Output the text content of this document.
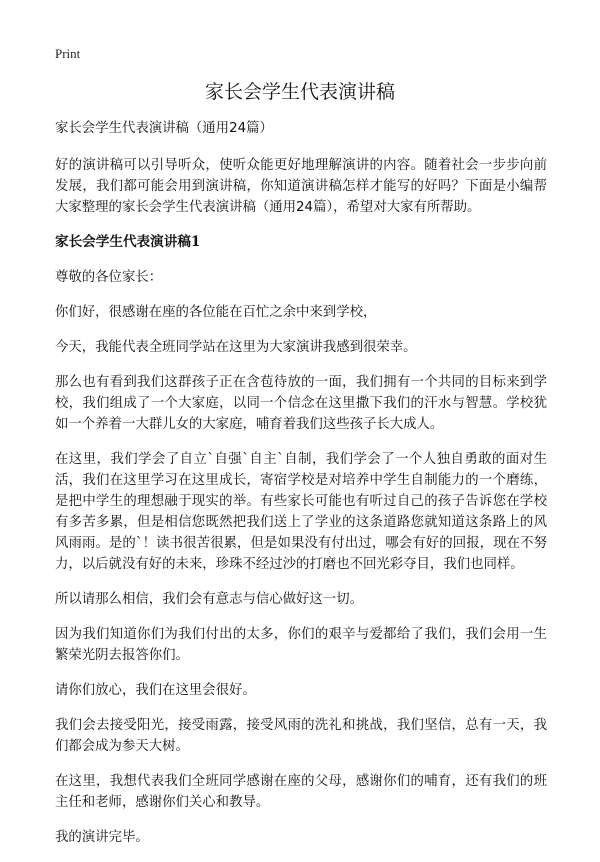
Print
家长会学生代表演讲稿

家长会学生代表演讲稿（通用24篇）

好的演讲稿可以引导听众，使听众能更好地理解演讲的内容。随着社会一步步向前发展，我们都可能会用到演讲稿，你知道演讲稿怎样才能写的好吗？下面是小编帮大家整理的家长会学生代表演讲稿（通用24篇），希望对大家有所帮助。

家长会学生代表演讲稿1

尊敬的各位家长：

你们好，很感谢在座的各位能在百忙之余中来到学校，

今天，我能代表全班同学站在这里为大家演讲我感到很荣幸。

那么也有看到我们这群孩子正在含苞待放的一面，我们拥有一个共同的目标来到学校，我们组成了一个大家庭，以同一个信念在这里撒下我们的汗水与智慧。学校犹如一个养着一大群儿女的大家庭，哺育着我们这些孩子长大成人。

在这里，我们学会了自立`自强`自主`自制，我们学会了一个人独自勇敢的面对生活，我们在这里学习在这里成长，寄宿学校是对培养中学生自制能力的一个磨练，是把中学生的理想融于现实的举。有些家长可能也有听过自己的孩子告诉您在学校有多苦多累，但是相信您既然把我们送上了学业的这条道路您就知道这条路上的风风雨雨。是的`！读书很苦很累，但是如果没有付出过，哪会有好的回报，现在不努力，以后就没有好的未来，珍珠不经过沙的打磨也不回光彩夺目，我们也同样。

所以请那么相信，我们会有意志与信心做好这一切。

因为我们知道你们为我们付出的太多，你们的艰辛与爱都给了我们，我们会用一生繁荣光阴去报答你们。

请你们放心，我们在这里会很好。

我们会去接受阳光，接受雨露，接受风雨的洗礼和挑战，我们坚信，总有一天，我们都会成为参天大树。

在这里，我想代表我们全班同学感谢在座的父母，感谢你们的哺育，还有我们的班主任和老师，感谢你们关心和教导。

我的演讲完毕。
